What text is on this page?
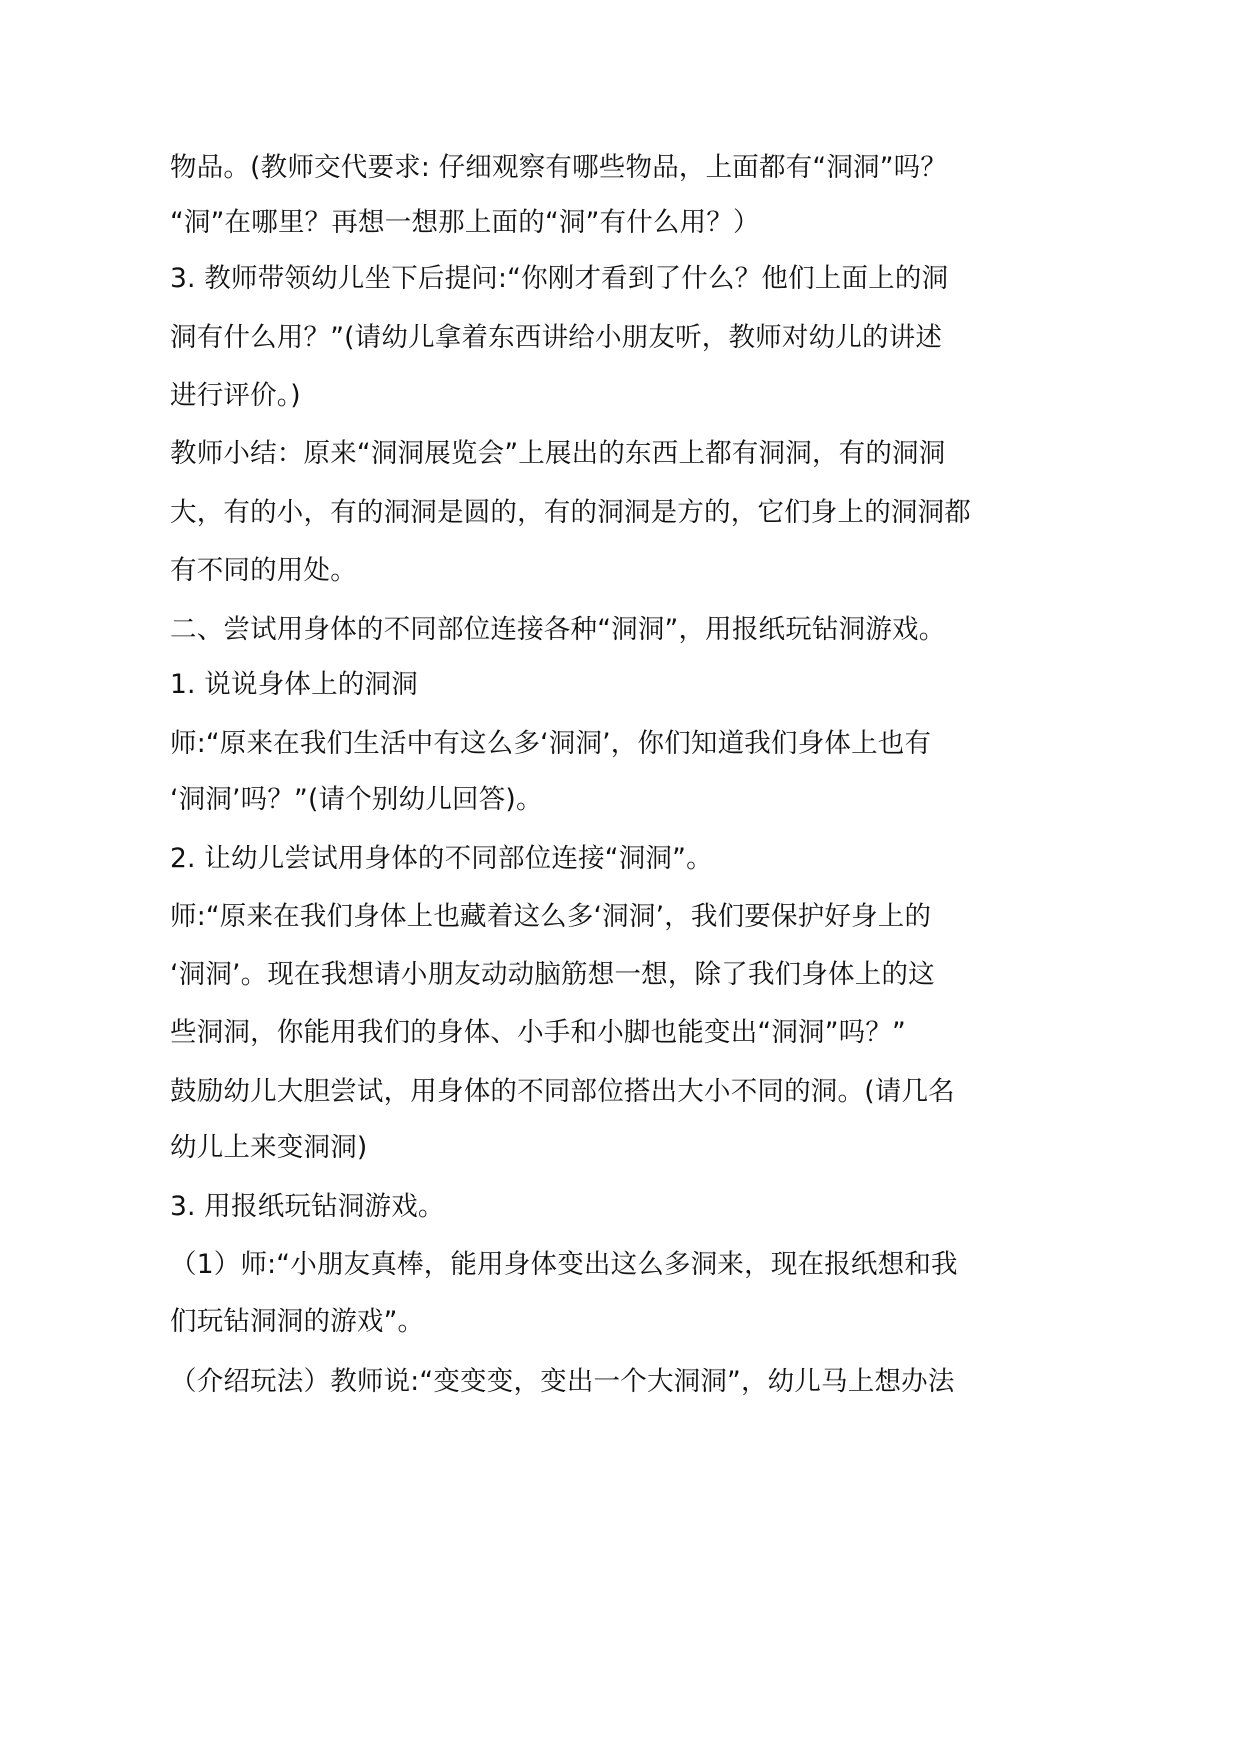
物品。(教师交代要求: 仔细观察有哪些物品，上面都有“洞洞”吗？
“洞”在哪里？再想一想那上面的“洞”有什么用？）
3. 教师带领幼儿坐下后提问:“你刚才看到了什么？他们上面上的洞
洞有什么用？”(请幼儿拿着东西讲给小朋友听，教师对幼儿的讲述
进行评价。)
教师小结：原来“洞洞展览会”上展出的东西上都有洞洞，有的洞洞
大，有的小，有的洞洞是圆的，有的洞洞是方的，它们身上的洞洞都
有不同的用处。
二、尝试用身体的不同部位连接各种“洞洞”，用报纸玩钻洞游戏。
1. 说说身体上的洞洞
师:“原来在我们生活中有这么多‘洞洞’，你们知道我们身体上也有
‘洞洞’吗？”(请个别幼儿回答)。
2. 让幼儿尝试用身体的不同部位连接“洞洞”。
师:“原来在我们身体上也藏着这么多‘洞洞’，我们要保护好身上的
‘洞洞’。现在我想请小朋友动动脑筋想一想，除了我们身体上的这
些洞洞，你能用我们的身体、小手和小脚也能变出“洞洞”吗？”
鼓励幼儿大胆尝试，用身体的不同部位搭出大小不同的洞。(请几名
幼儿上来变洞洞)
3. 用报纸玩钻洞游戏。
（1）师:“小朋友真棒，能用身体变出这么多洞来，现在报纸想和我
们玩钻洞洞的游戏”。
（介绍玩法）教师说:“变变变，变出一个大洞洞”，幼儿马上想办法
